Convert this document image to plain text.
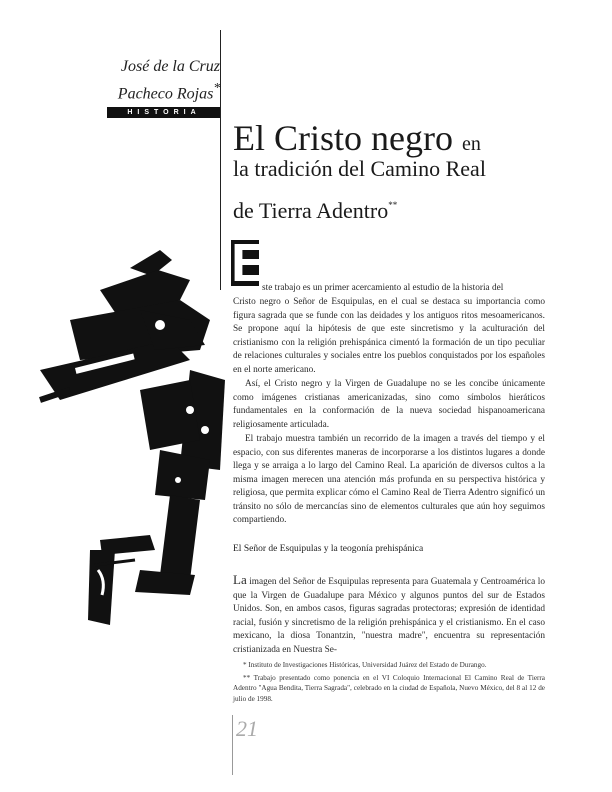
José de la Cruz
Pacheco Rojas*
HISTORIA
El Cristo negro en
la tradición del Camino Real
de Tierra Adentro**
E
ste trabajo es un primer acercamiento al estudio de la historia del
Cristo negro o Señor de Esquipulas, en el cual se destaca su importancia como figura sagrada que se funde con las deidades y los antiguos ritos mesoamericanos. Se propone aquí la hipótesis de que este sincretismo y la aculturación del cristianismo con la religión prehispánica cimentó la formación de un tipo peculiar de relaciones culturales y sociales entre los pueblos conquistados por los españoles en el norte americano.
Así, el Cristo negro y la Virgen de Guadalupe no se les concibe únicamente como imágenes cristianas americanizadas, sino como símbolos hieráticos fundamentales en la conformación de la nueva sociedad hispanoamericana religiosamente articulada.
El trabajo muestra también un recorrido de la imagen a través del tiempo y el espacio, con sus diferentes maneras de incorporarse a los distintos lugares a donde llega y se arraiga a lo largo del Camino Real. La aparición de diversos cultos a la misma imagen merecen una atención más profunda en su perspectiva histórica y religiosa, que permita explicar cómo el Camino Real de Tierra Adentro significó un tránsito no sólo de mercancías sino de elementos culturales que aún hoy seguimos compartiendo.
El Señor de Esquipulas y la teogonía prehispánica
La imagen del Señor de Esquipulas representa para Guatemala y Centroamérica lo que la Virgen de Guadalupe para México y algunos puntos del sur de Estados Unidos. Son, en ambos casos, figuras sagradas protectoras; expresión de identidad racial, fusión y sincretismo de la religión prehispánica y el cristianismo. En el caso mexicano, la diosa Tonantzin, "nuestra madre", encuentra su representación cristianizada en Nuestra Se-

* Instituto de Investigaciones Históricas, Universidad Juárez del Estado de Durango.

** Trabajo presentado como ponencia en el VI Coloquio Internacional El Camino Real de Tierra Adentro "Agua Bendita, Tierra Sagrada", celebrado en la ciudad de Española, Nuevo México, del 8 al 12 de julio de 1998.

21
